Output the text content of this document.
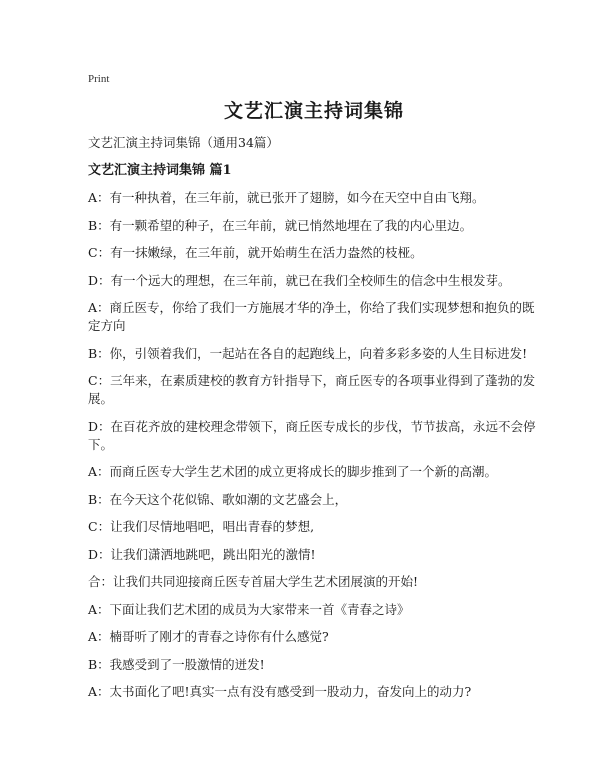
Print
文艺汇演主持词集锦
文艺汇演主持词集锦（通用34篇）
文艺汇演主持词集锦 篇1

A：有一种执着，在三年前，就已张开了翅膀，如今在天空中自由飞翔。

B：有一颗希望的种子，在三年前，就已悄然地埋在了我的内心里边。

C：有一抹嫩绿，在三年前，就开始萌生在活力盎然的枝桠。

D：有一个远大的理想，在三年前，就已在我们全校师生的信念中生根发芽。

A：商丘医专，你给了我们一方施展才华的净土，你给了我们实现梦想和抱负的既定方向

B：你，引领着我们，一起站在各自的起跑线上，向着多彩多姿的人生目标进发!

C：三年来，在素质建校的教育方针指导下，商丘医专的各项事业得到了蓬勃的发展。

D：在百花齐放的建校理念带领下，商丘医专成长的步伐，节节拔高，永远不会停下。

A：而商丘医专大学生艺术团的成立更将成长的脚步推到了一个新的高潮。

B：在今天这个花似锦、歌如潮的文艺盛会上，

C：让我们尽情地唱吧，唱出青春的梦想,

D：让我们潇洒地跳吧，跳出阳光的激情!

合：让我们共同迎接商丘医专首届大学生艺术团展演的开始!

A：下面让我们艺术团的成员为大家带来一首《青春之诗》

A：楠哥听了刚才的青春之诗你有什么感觉?

B：我感受到了一股激情的迸发!

A：太书面化了吧!真实一点有没有感受到一股动力，奋发向上的动力?
